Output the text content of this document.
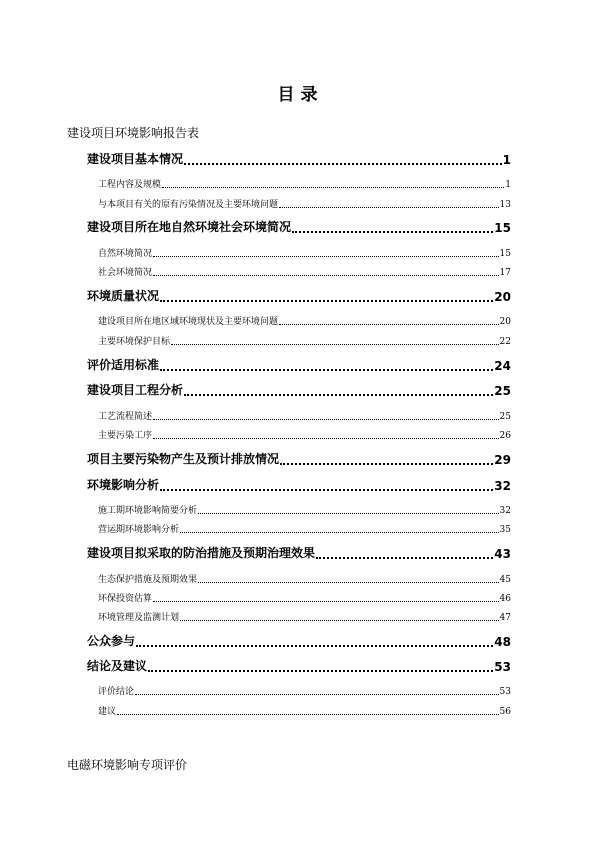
目 录
建设项目环境影响报告表
建设项目基本情况	1
工程内容及规模	1
与本项目有关的原有污染情况及主要环境问题	13
建设项目所在地自然环境社会环境简况	15
自然环境简况	15
社会环境简况	17
环境质量状况	20
建设项目所在地区域环境现状及主要环境问题	20
主要环境保护目标	22
评价适用标准	24
建设项目工程分析	25
工艺流程简述	25
主要污染工序	26
项目主要污染物产生及预计排放情况	29
环境影响分析	32
施工期环境影响简要分析	32
营运期环境影响分析	35
建设项目拟采取的防治措施及预期治理效果	43
生态保护措施及预期效果	45
环保投资估算	46
环境管理及监测计划	47
公众参与	48
结论及建议	53
评价结论	53
建议	56
电磁环境影响专项评价
